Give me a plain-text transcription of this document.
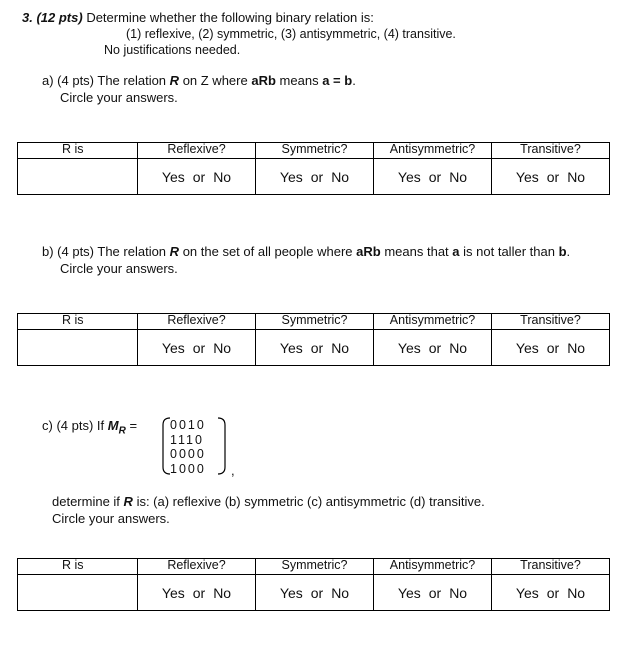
3. (12 pts) Determine whether the following binary relation is:
(1) reflexive, (2) symmetric, (3) antisymmetric, (4) transitive.
No justifications needed.
a) (4 pts) The relation R on Z where aRb means a = b.
Circle your answers.
R is	Reflexive?	Symmetric?	Antisymmetric?	Transitive?
	Yes or No	Yes or No	Yes or No	Yes or No
b) (4 pts) The relation R on the set of all people where aRb means that a is not taller than b.
Circle your answers.
R is	Reflexive?	Symmetric?	Antisymmetric?	Transitive?
	Yes or No	Yes or No	Yes or No	Yes or No
c) (4 pts) If $M_R$ =	0010
1110
0000
1000 ,
determine if R is: (a) reflexive (b) symmetric (c) antisymmetric (d) transitive.
Circle your answers.
R is	Reflexive?	Symmetric?	Antisymmetric?	Transitive?
	Yes or No	Yes or No	Yes or No	Yes or No
